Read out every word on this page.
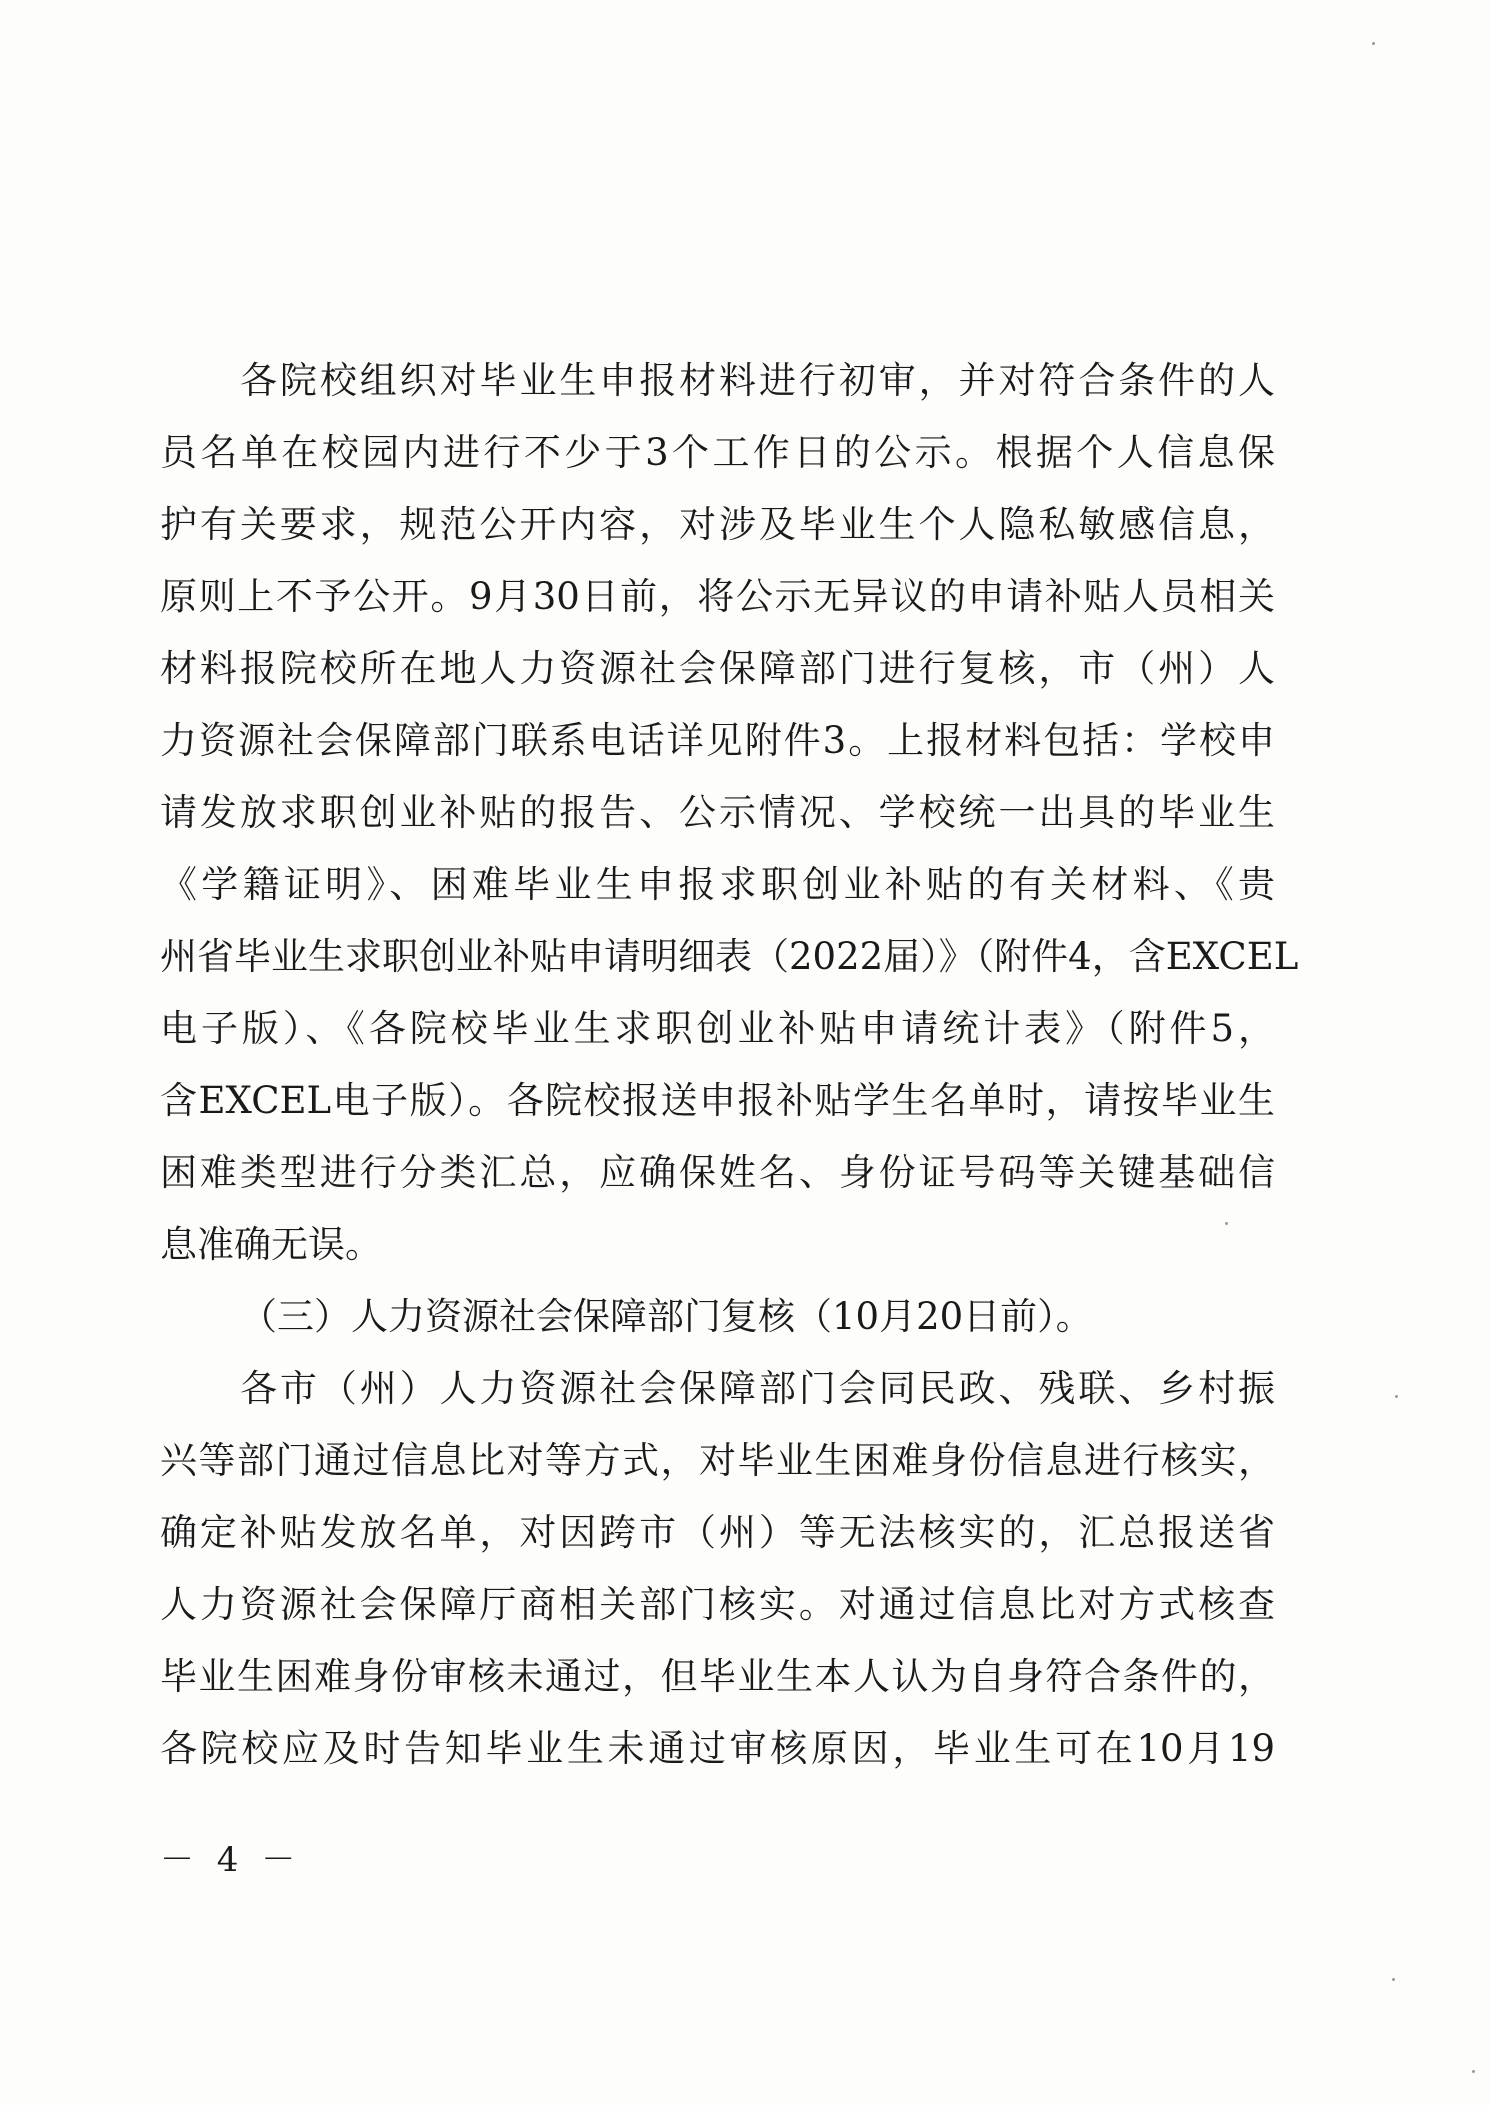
各院校组织对毕业生申报材料进行初审，并对符合条件的人
员名单在校园内进行不少于3个工作日的公示。根据个人信息保
护有关要求，规范公开内容，对涉及毕业生个人隐私敏感信息，
原则上不予公开。9月30日前，将公示无异议的申请补贴人员相关
材料报院校所在地人力资源社会保障部门进行复核，市（州）人
力资源社会保障部门联系电话详见附件3。上报材料包括：学校申
请发放求职创业补贴的报告、公示情况、学校统一出具的毕业生
《学籍证明》、困难毕业生申报求职创业补贴的有关材料、《贵
州省毕业生求职创业补贴申请明细表（2022届）》（附件4，含EXCEL
电子版）、《各院校毕业生求职创业补贴申请统计表》（附件5，
含EXCEL电子版）。各院校报送申报补贴学生名单时，请按毕业生
困难类型进行分类汇总，应确保姓名、身份证号码等关键基础信
息准确无误。
（三）人力资源社会保障部门复核（10月20日前）。
各市（州）人力资源社会保障部门会同民政、残联、乡村振
兴等部门通过信息比对等方式，对毕业生困难身份信息进行核实，
确定补贴发放名单，对因跨市（州）等无法核实的，汇总报送省
人力资源社会保障厅商相关部门核实。对通过信息比对方式核查
毕业生困难身份审核未通过，但毕业生本人认为自身符合条件的，
各院校应及时告知毕业生未通过审核原因，毕业生可在10月19
－ 4 －
